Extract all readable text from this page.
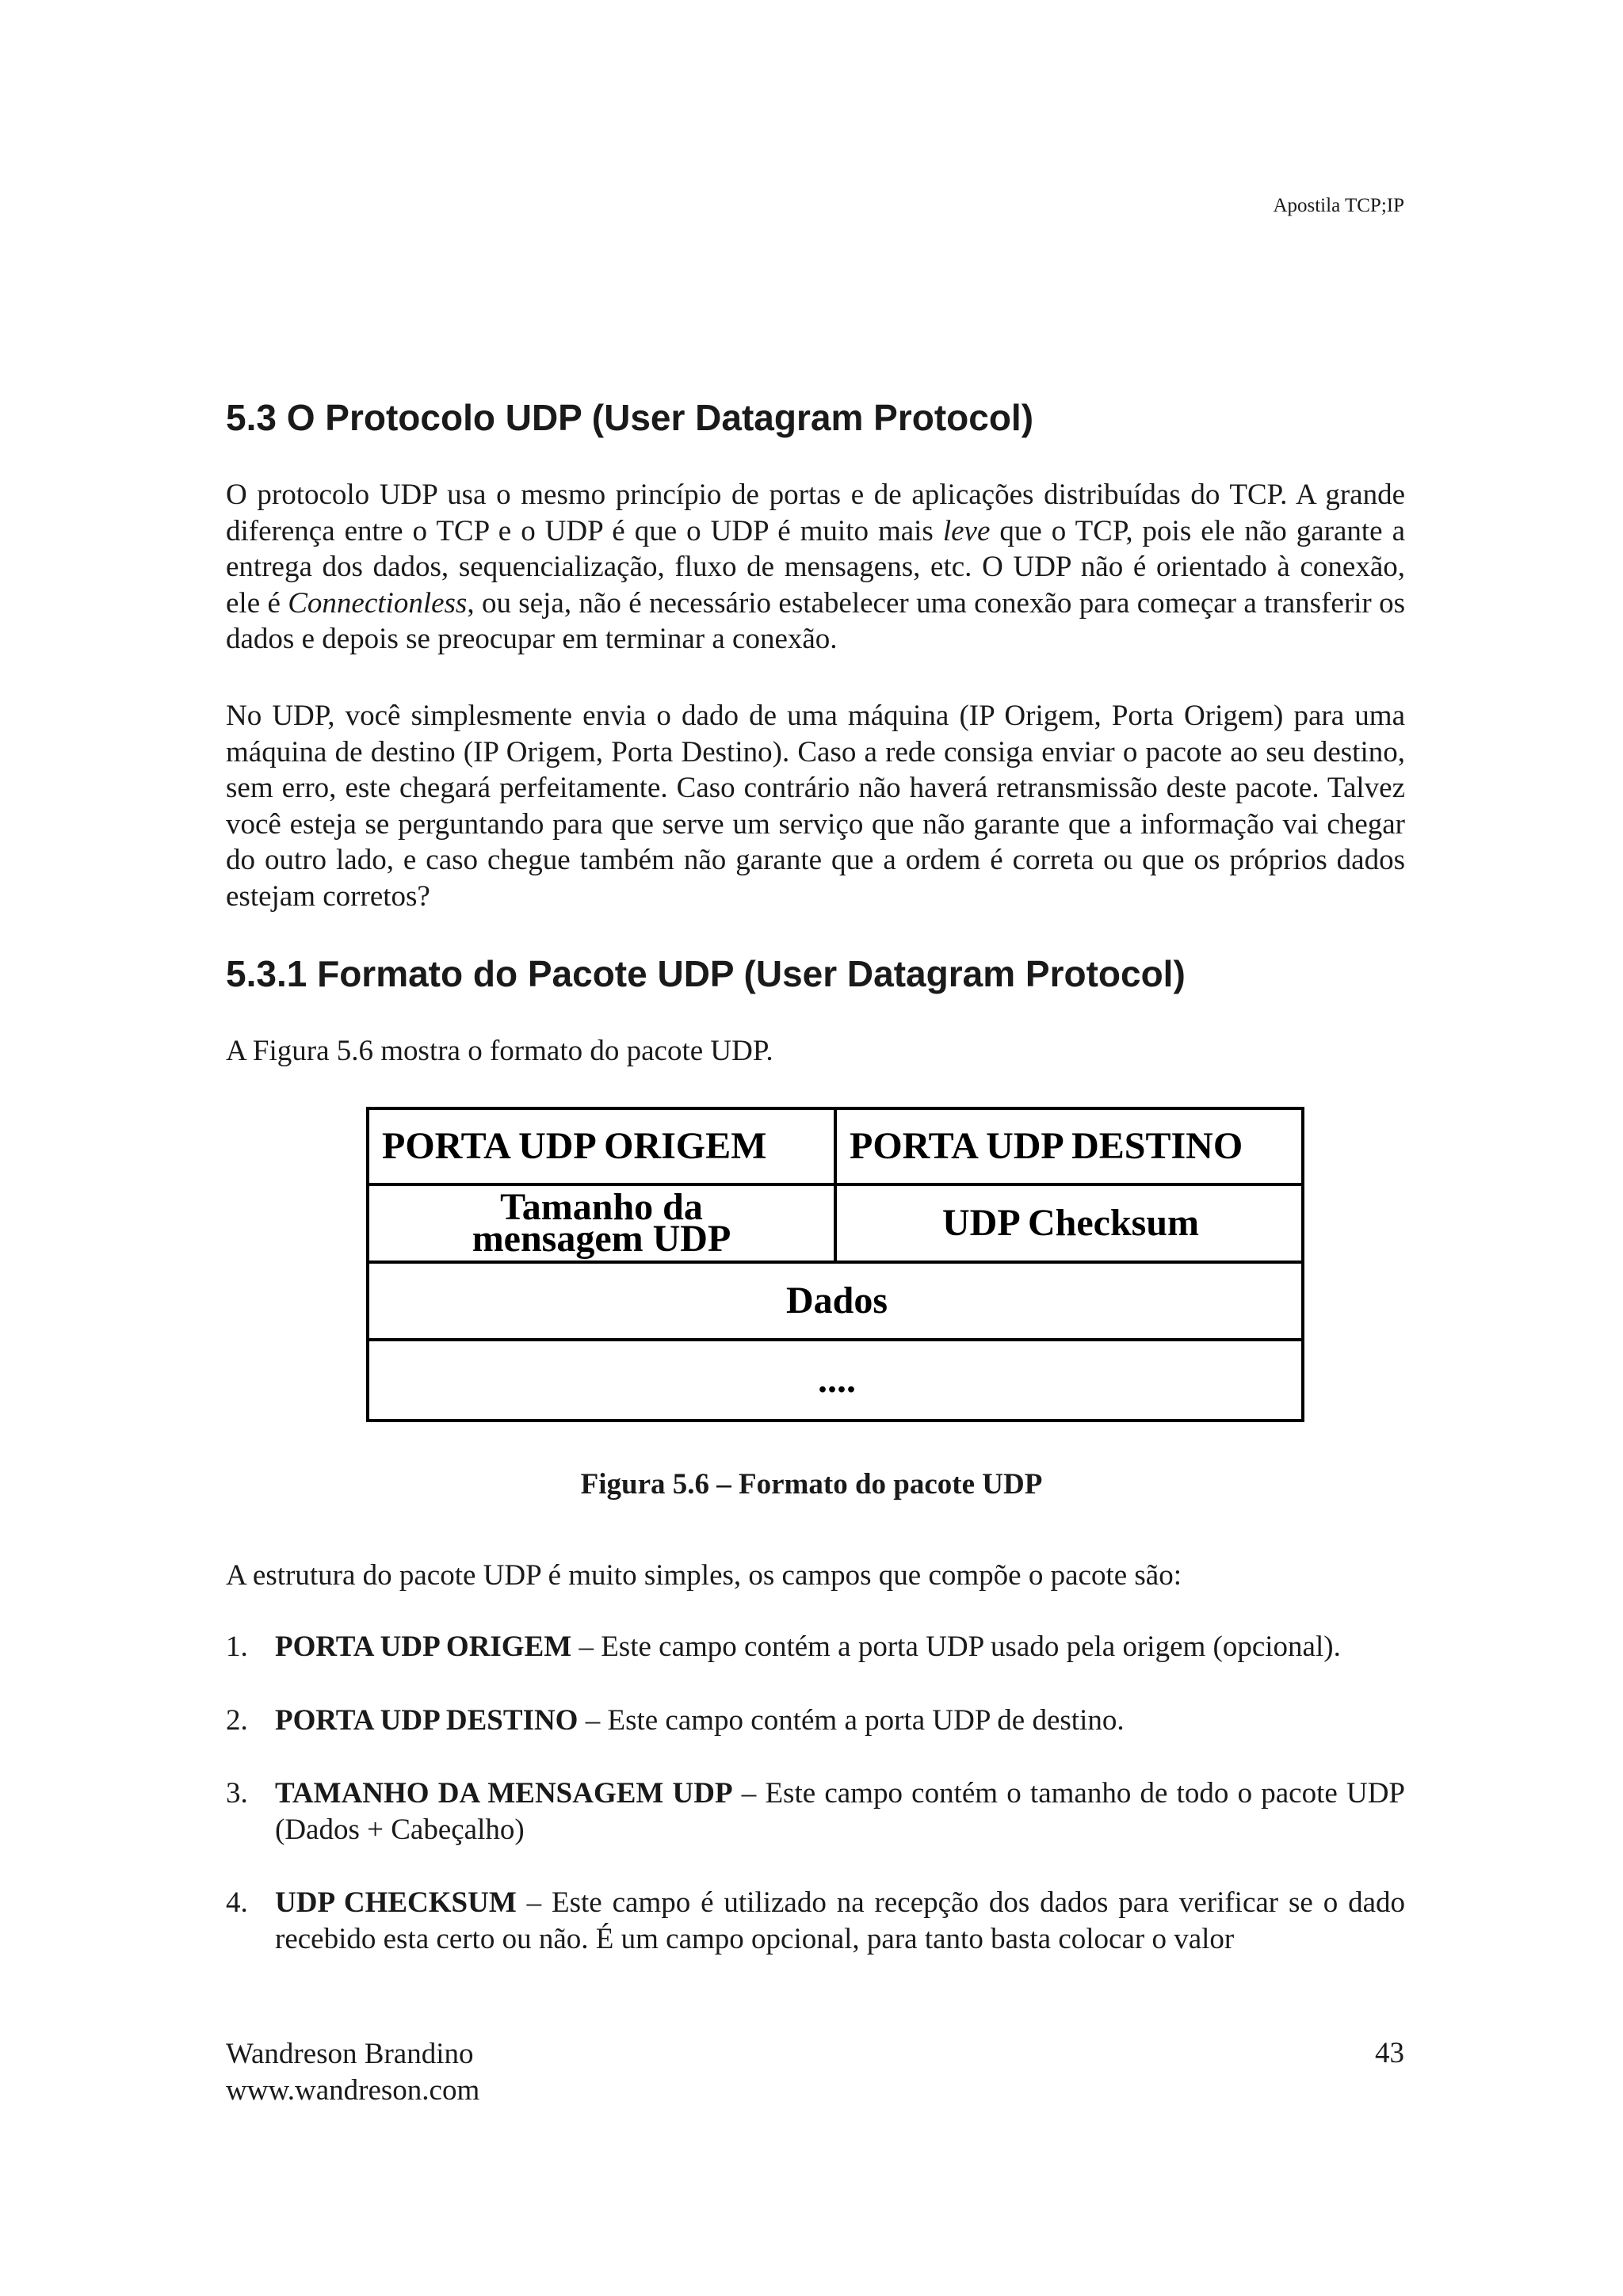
Apostila TCP;IP
5.3 O Protocolo UDP (User Datagram Protocol)

O protocolo UDP usa o mesmo princípio de portas e de aplicações distribuídas do TCP. A grande diferença entre o TCP e o UDP é que o UDP é muito mais leve que o TCP, pois ele não garante a entrega dos dados, sequencialização, fluxo de mensagens, etc. O UDP não é orientado à conexão, ele é Connectionless, ou seja, não é necessário estabelecer uma conexão para começar a transferir os dados e depois se preocupar em terminar a conexão.

No UDP, você simplesmente envia o dado de uma máquina (IP Origem, Porta Origem) para uma máquina de destino (IP Origem, Porta Destino). Caso a rede consiga enviar o pacote ao seu destino, sem erro, este chegará perfeitamente. Caso contrário não haverá retransmissão deste pacote. Talvez você esteja se perguntando para que serve um serviço que não garante que a informação vai chegar do outro lado, e caso chegue também não garante que a ordem é correta ou que os próprios dados estejam corretos?

5.3.1 Formato do Pacote UDP (User Datagram Protocol)

A Figura 5.6 mostra o formato do pacote UDP.

PORTA UDP ORIGEM	PORTA UDP DESTINO
Tamanho da
mensagem UDP	UDP Checksum
Dados
....
Figura 5.6 – Formato do pacote UDP

A estrutura do pacote UDP é muito simples, os campos que compõe o pacote são:

1. PORTA UDP ORIGEM – Este campo contém a porta UDP usado pela origem (opcional).
2. PORTA UDP DESTINO – Este campo contém a porta UDP de destino.
3. TAMANHO DA MENSAGEM UDP – Este campo contém o tamanho de todo o pacote UDP (Dados + Cabeçalho)
4. UDP CHECKSUM – Este campo é utilizado na recepção dos dados para verificar se o dado recebido esta certo ou não. É um campo opcional, para tanto basta colocar o valor
Wandreson Brandino
www.wandreson.com
43
